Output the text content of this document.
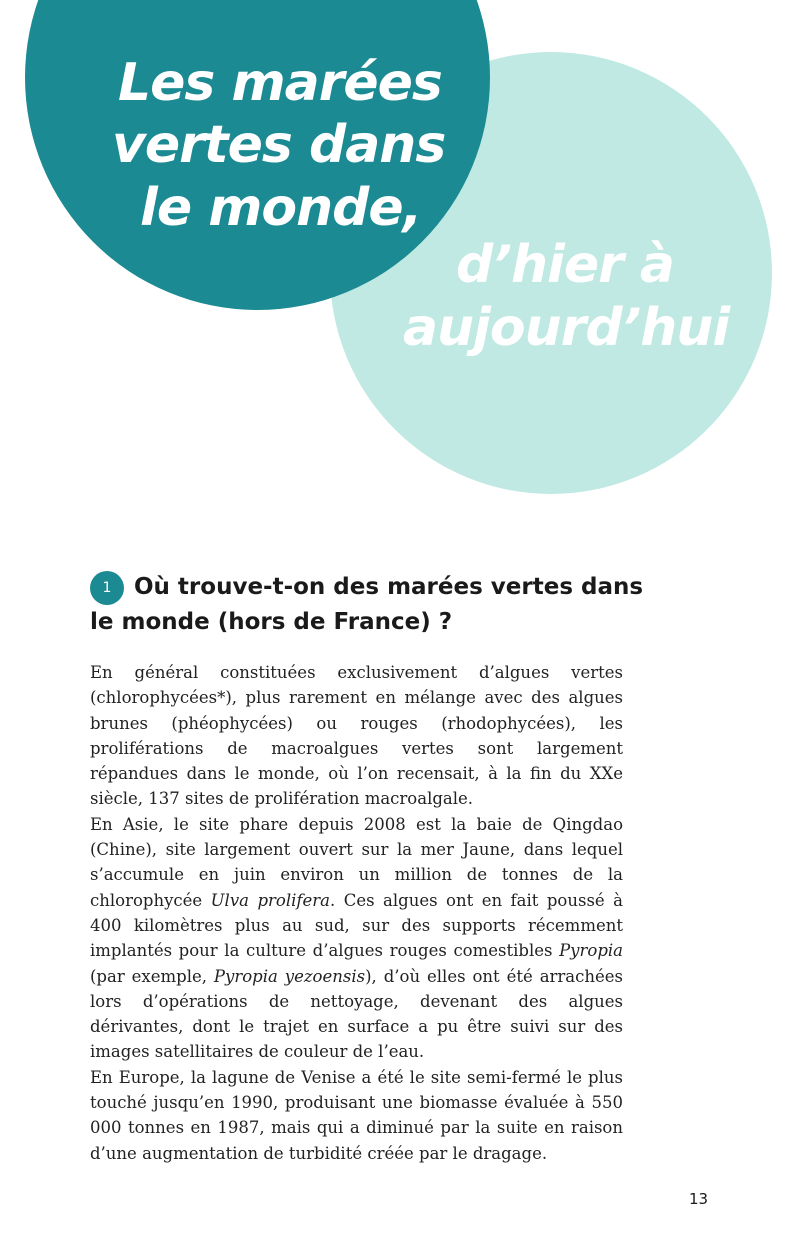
Les marées
vertes dans
le monde,
d’hier à
aujourd’hui
1 Où trouve-t-on des marées vertes dans le monde (hors de France) ?

En général constituées exclusivement d’algues vertes (chlorophycées*), plus rarement en mélange avec des algues brunes (phéophycées) ou rouges (rhodophycées), les proliférations de macroalgues vertes sont largement répandues dans le monde, où l’on recensait, à la fin du XXe siècle, 137 sites de prolifération macroalgale.

En Asie, le site phare depuis 2008 est la baie de Qingdao (Chine), site largement ouvert sur la mer Jaune, dans lequel s’accumule en juin environ un million de tonnes de la chlorophycée Ulva prolifera. Ces algues ont en fait poussé à 400 kilomètres plus au sud, sur des supports récemment implantés pour la culture d’algues rouges comestibles Pyropia (par exemple, Pyropia yezoensis), d’où elles ont été arrachées lors d’opérations de nettoyage, devenant des algues dérivantes, dont le trajet en surface a pu être suivi sur des images satellitaires de couleur de l’eau.

En Europe, la lagune de Venise a été le site semi-fermé le plus touché jusqu’en 1990, produisant une biomasse évaluée à 550 000 tonnes en 1987, mais qui a diminué par la suite en raison d’une augmentation de turbidité créée par le dragage.

13
